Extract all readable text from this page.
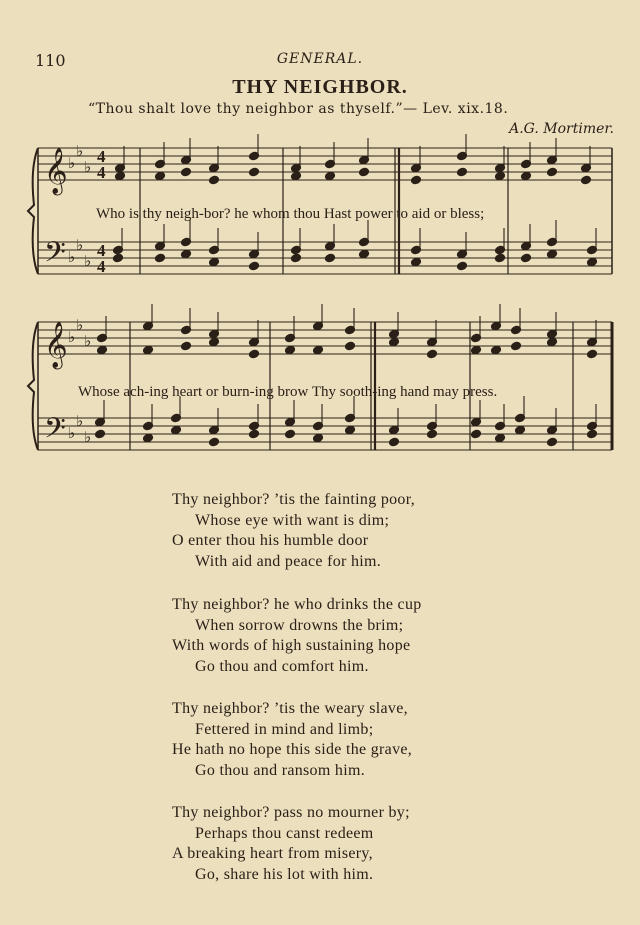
110	GENERAL.
THY NEIGHBOR.
“Thou shalt love thy neighbor as thyself.”— Lev. xix.18.
A.G. Mortimer.
𝄞 ♭
♭
♭
4
4
𝄢 ♭
♭
♭
4
4
𝄞 ♭
♭
♭
𝄢 ♭
♭
♭
Who is thy neigh-bor? he whom thou Hast power to aid or bless;
Whose ach-ing heart or burn-ing brow Thy sooth-ing hand may press.
Thy neighbor? ’tis the fainting poor,
Whose eye with want is dim;
O enter thou his humble door
With aid and peace for him.
Thy neighbor? he who drinks the cup
When sorrow drowns the brim;
With words of high sustaining hope
Go thou and comfort him.
Thy neighbor? ’tis the weary slave,
Fettered in mind and limb;
He hath no hope this side the grave,
Go thou and ransom him.
Thy neighbor? pass no mourner by;
Perhaps thou canst redeem
A breaking heart from misery,
Go, share his lot with him.
